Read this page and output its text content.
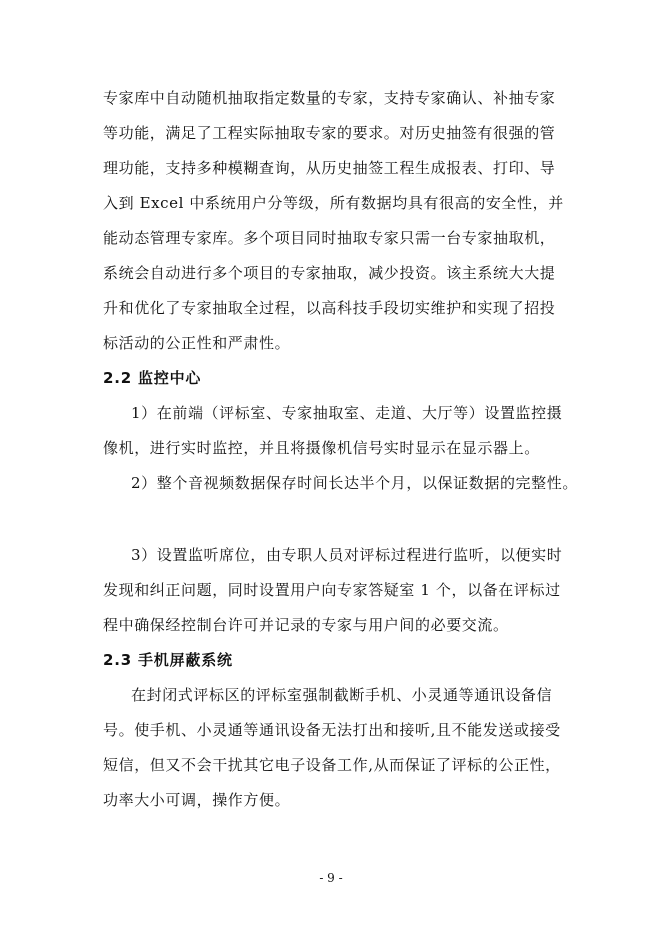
专家库中自动随机抽取指定数量的专家，支持专家确认、补抽专家
等功能，满足了工程实际抽取专家的要求。对历史抽签有很强的管
理功能，支持多种模糊查询，从历史抽签工程生成报表、打印、导
入到 Excel 中系统用户分等级，所有数据均具有很高的安全性，并
能动态管理专家库。多个项目同时抽取专家只需一台专家抽取机，
系统会自动进行多个项目的专家抽取，减少投资。该主系统大大提
升和优化了专家抽取全过程，以高科技手段切实维护和实现了招投
标活动的公正性和严肃性。
2.2 监控中心
1）在前端（评标室、专家抽取室、走道、大厅等）设置监控摄
像机，进行实时监控，并且将摄像机信号实时显示在显示器上。
2）整个音视频数据保存时间长达半个月，以保证数据的完整性。
3）设置监听席位，由专职人员对评标过程进行监听，以便实时
发现和纠正问题，同时设置用户向专家答疑室 1 个，以备在评标过
程中确保经控制台许可并记录的专家与用户间的必要交流。
2.3 手机屏蔽系统
在封闭式评标区的评标室强制截断手机、小灵通等通讯设备信
号。使手机、小灵通等通讯设备无法打出和接听,且不能发送或接受
短信，但又不会干扰其它电子设备工作,从而保证了评标的公正性，
功率大小可调，操作方便。
- 9 -
